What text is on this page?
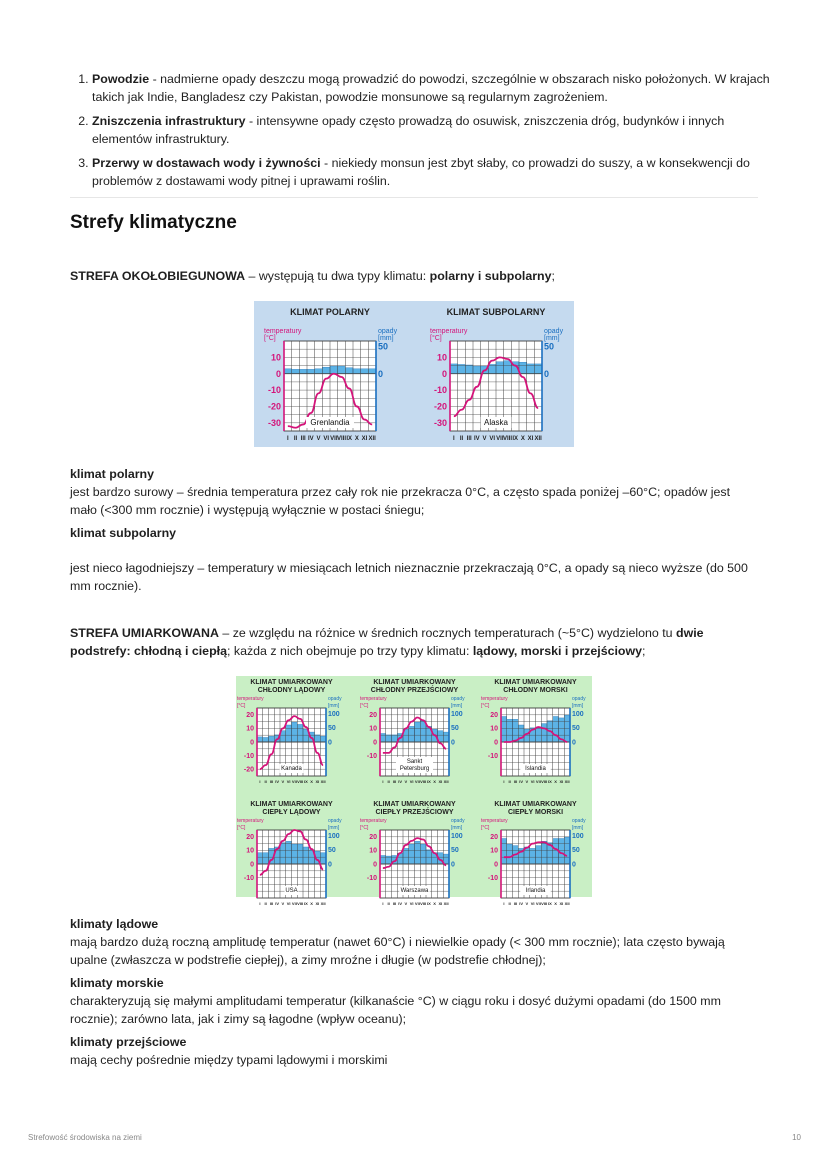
1. Powodzie - nadmierne opady deszczu mogą prowadzić do powodzi, szczególnie w obszarach nisko położonych. W krajach takich jak Indie, Bangladesz czy Pakistan, powodzie monsunowe są regularnym zagrożeniem.
2. Zniszczenia infrastruktury - intensywne opady często prowadzą do osuwisk, zniszczenia dróg, budynków i innych elementów infrastruktury.
3. Przerwy w dostawach wody i żywności - niekiedy monsun jest zbyt słaby, co prowadzi do suszy, a w konsekwencji do problemów z dostawami wody pitnej i uprawami roślin.
Strefy klimatyczne

STREFA OKOŁOBIEGUNOWA – występują tu dwa typy klimatu: polarny i subpolarny;

KLIMAT POLARNY
temperatury
[°C]
opady
[mm]
10
0
-10
-20
-30
50
0
Grenlandia
I II III IV V VI VII VIII IX X XI XII
KLIMAT SUBPOLARNY
temperatury
[°C]
opady
[mm]
10
0
-10
-20
-30
50
0
Alaska
I II III IV V VI VII VIII IX X XI XII

klimat polarny

jest bardzo surowy – średnia temperatura przez cały rok nie przekracza 0°C, a często spada poniżej –60°C; opadów jest mało (<300 mm rocznie) i występują wyłącznie w postaci śniegu;

klimat subpolarny

jest nieco łagodniejszy – temperatury w miesiącach letnich nieznacznie przekraczają 0°C, a opady są nieco wyższe (do 500 mm rocznie).

STREFA UMIARKOWANA – ze względu na różnice w średnich rocznych temperaturach (~5°C) wydzielono tu dwie podstrefy: chłodną i ciepłą; każda z nich obejmuje po trzy typy klimatu: lądowy, morski i przejściowy;

KLIMAT UMIARKOWANY
CHŁODNY LĄDOWY
temperatury
[°C]
opady
[mm]
20
10
0
-10
-20
100
50
0
Kanada
I II III IV V VI VII VIII IX X XI XII
KLIMAT UMIARKOWANY
CHŁODNY PRZEJŚCIOWY
temperatury
[°C]
opady
[mm]
20
10
0
-10
100
50
0
Sankt
Petersburg
I II III IV V VI VII VIII IX X XI XII
KLIMAT UMIARKOWANY
CHŁODNY MORSKI
temperatury
[°C]
opady
[mm]
20
10
0
-10
100
50
0
Islandia
I II III IV V VI VII VIII IX X XI XII
KLIMAT UMIARKOWANY
CIEPŁY LĄDOWY
temperatury
[°C]
opady
[mm]
20
10
0
-10
100
50
0
USA
I II III IV V VI VII VIII IX X XI XII
KLIMAT UMIARKOWANY
CIEPŁY PRZEJŚCIOWY
temperatury
[°C]
opady
[mm]
20
10
0
-10
100
50
0
Warszawa
I II III IV V VI VII VIII IX X XI XII
KLIMAT UMIARKOWANY
CIEPŁY MORSKI
temperatury
[°C]
opady
[mm]
20
10
0
-10
100
50
0
Irlandia
I II III IV V VI VII VIII IX X XI XII

klimaty lądowe

mają bardzo dużą roczną amplitudę temperatur (nawet 60°C) i niewielkie opady (< 300 mm rocznie); lata często bywają upalne (zwłaszcza w podstrefie ciepłej), a zimy mroźne i długie (w podstrefie chłodnej);

klimaty morskie

charakteryzują się małymi amplitudami temperatur (kilkanaście °C) w ciągu roku i dosyć dużymi opadami (do 1500 mm rocznie); zarówno lata, jak i zimy są łagodne (wpływ oceanu);

klimaty przejściowe

mają cechy pośrednie między typami lądowymi i morskimi

Strefowość środowiska na ziemi	10
